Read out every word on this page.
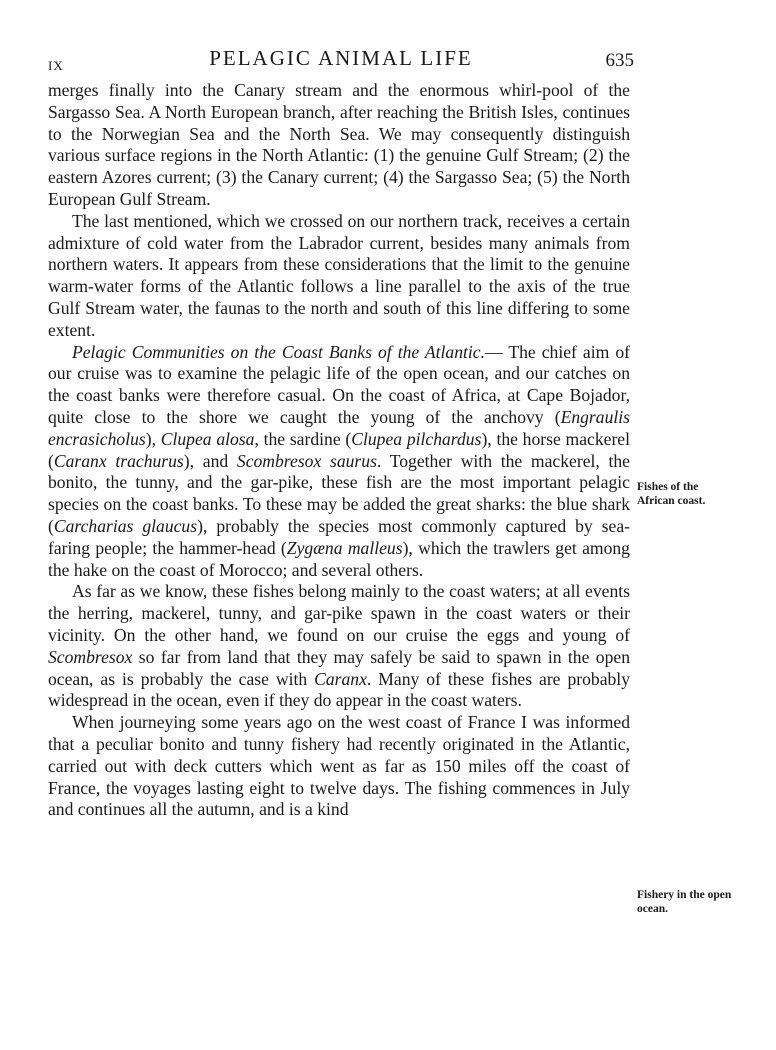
IX	PELAGIC ANIMAL LIFE	635

merges finally into the Canary stream and the enormous whirl-pool of the Sargasso Sea. A North European branch, after reaching the British Isles, continues to the Norwegian Sea and the North Sea. We may consequently distinguish various surface regions in the North Atlantic: (1) the genuine Gulf Stream; (2) the eastern Azores current; (3) the Canary current; (4) the Sargasso Sea; (5) the North European Gulf Stream.

The last mentioned, which we crossed on our northern track, receives a certain admixture of cold water from the Labrador current, besides many animals from northern waters. It appears from these considerations that the limit to the genuine warm-water forms of the Atlantic follows a line parallel to the axis of the true Gulf Stream water, the faunas to the north and south of this line differing to some extent.

Pelagic Communities on the Coast Banks of the Atlantic.— The chief aim of our cruise was to examine the pelagic life of the open ocean, and our catches on the coast banks were therefore casual. On the coast of Africa, at Cape Bojador, quite close to the shore we caught the young of the anchovy (Engraulis encrasicholus), Clupea alosa, the sardine (Clupea pilchardus), the horse mackerel (Caranx trachurus), and Scombresox saurus. Together with the mackerel, the bonito, the tunny, and the gar-pike, these fish are the most important pelagic species on the coast banks. To these may be added the great sharks: the blue shark (Carcharias glaucus), probably the species most commonly captured by sea-faring people; the hammer-head (Zygæna malleus), which the trawlers get among the hake on the coast of Morocco; and several others.

As far as we know, these fishes belong mainly to the coast waters; at all events the herring, mackerel, tunny, and gar-pike spawn in the coast waters or their vicinity. On the other hand, we found on our cruise the eggs and young of Scombresox so far from land that they may safely be said to spawn in the open ocean, as is probably the case with Caranx. Many of these fishes are probably widespread in the ocean, even if they do appear in the coast waters.

When journeying some years ago on the west coast of France I was informed that a peculiar bonito and tunny fishery had recently originated in the Atlantic, carried out with deck cutters which went as far as 150 miles off the coast of France, the voyages lasting eight to twelve days. The fishing commences in July and continues all the autumn, and is a kind

Fishes of the African coast.
Fishery in the open ocean.
